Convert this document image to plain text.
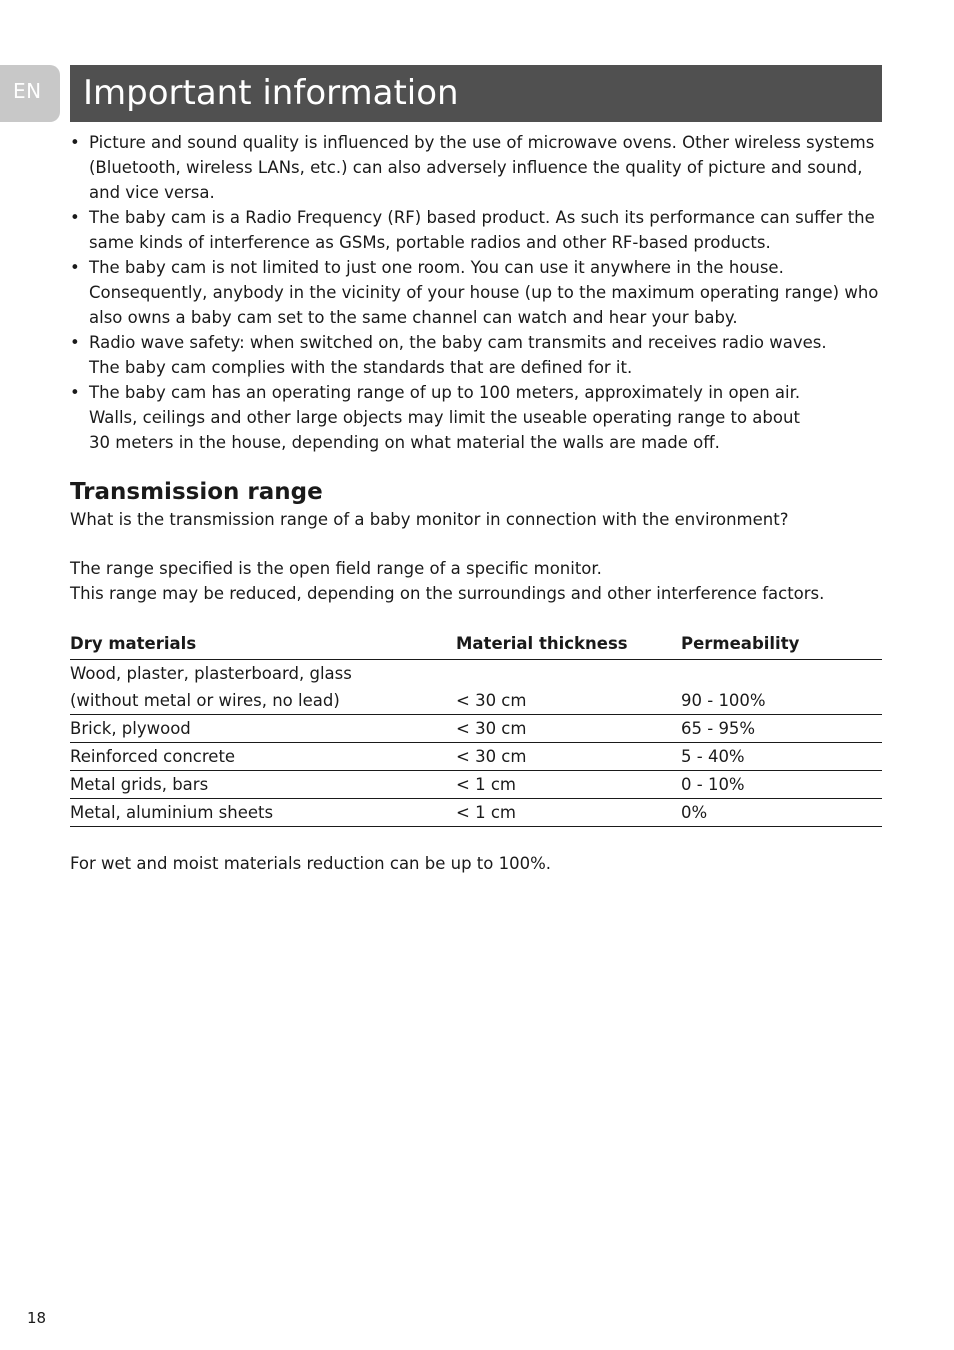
EN	Important information
• Picture and sound quality is influenced by the use of microwave ovens. Other wireless systems
(Bluetooth, wireless LANs, etc.) can also adversely influence the quality of picture and sound,
and vice versa.
• The baby cam is a Radio Frequency (RF) based product. As such its performance can suffer the
same kinds of interference as GSMs, portable radios and other RF-based products.
• The baby cam is not limited to just one room. You can use it anywhere in the house.
Consequently, anybody in the vicinity of your house (up to the maximum operating range) who
also owns a baby cam set to the same channel can watch and hear your baby.
• Radio wave safety: when switched on, the baby cam transmits and receives radio waves.
The baby cam complies with the standards that are defined for it.
• The baby cam has an operating range of up to 100 meters, approximately in open air.
Walls, ceilings and other large objects may limit the useable operating range to about
30 meters in the house, depending on what material the walls are made off.
Transmission range

What is the transmission range of a baby monitor in connection with the environment?

The range specified is the open field range of a specific monitor.

This range may be reduced, depending on the surroundings and other interference factors.

Dry materials	Material thickness	Permeability
Wood, plaster, plasterboard, glass		
(without metal or wires, no lead)	< 30 cm	90 - 100%
Brick, plywood	< 30 cm	65 - 95%
Reinforced concrete	< 30 cm	5 - 40%
Metal grids, bars	< 1 cm	0 - 10%
Metal, aluminium sheets	< 1 cm	0%

For wet and moist materials reduction can be up to 100%.

18
